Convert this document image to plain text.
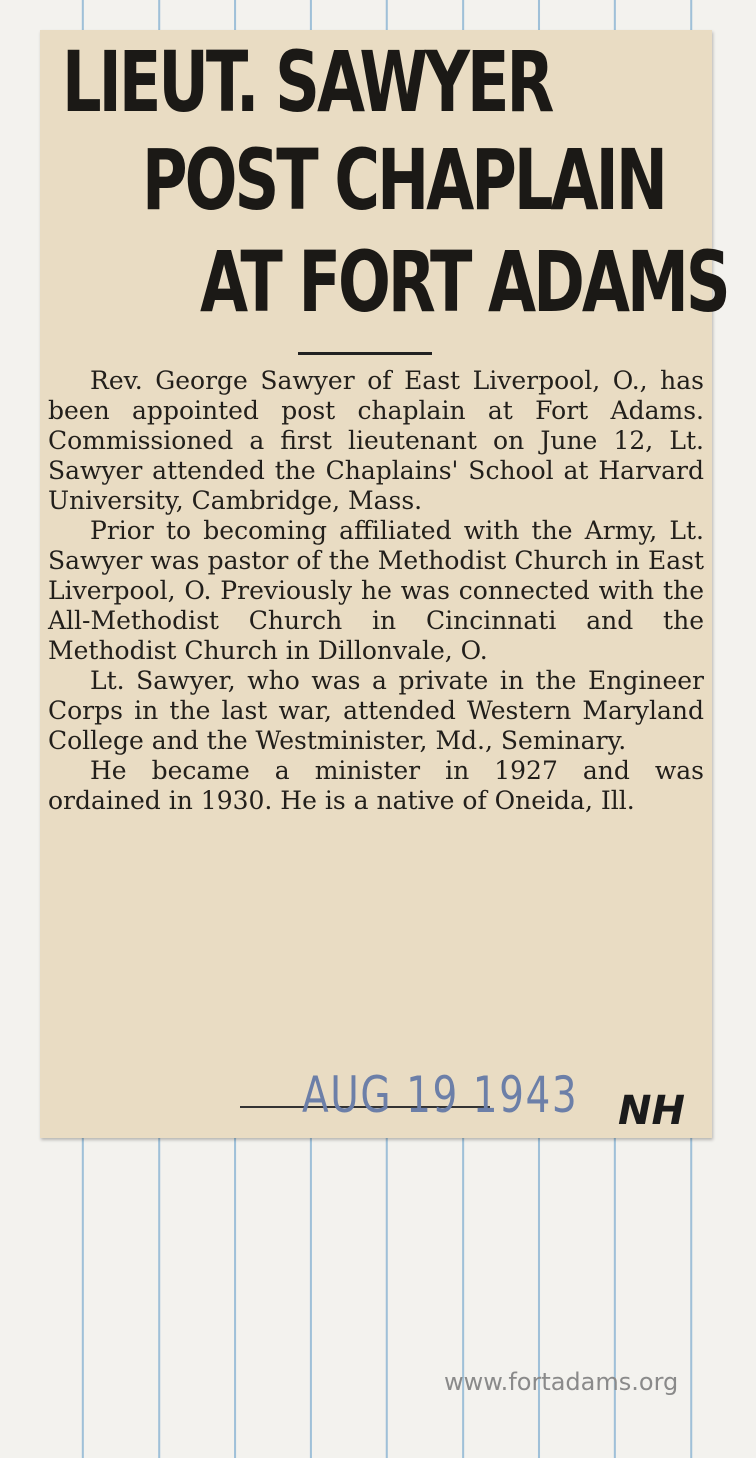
LIEUT. SAWYER
POST CHAPLAIN
AT FORT ADAMS

Rev. George Sawyer of East Liverpool, O., has been appointed post chaplain at Fort Adams. Commissioned a first lieutenant on June 12, Lt. Sawyer attended the Chaplains' School at Harvard University, Cambridge, Mass.

Prior to becoming affiliated with the Army, Lt. Sawyer was pastor of the Methodist Church in East Liverpool, O. Previously he was connected with the All-Methodist Church in Cincinnati and the Methodist Church in Dillonvale, O.

Lt. Sawyer, who was a private in the Engineer Corps in the last war, attended Western Maryland College and the Westminister, Md., Seminary.

He became a minister in 1927 and was ordained in 1930. He is a native of Oneida, Ill.

AUG 19 1943 NH
www.fortadams.org
